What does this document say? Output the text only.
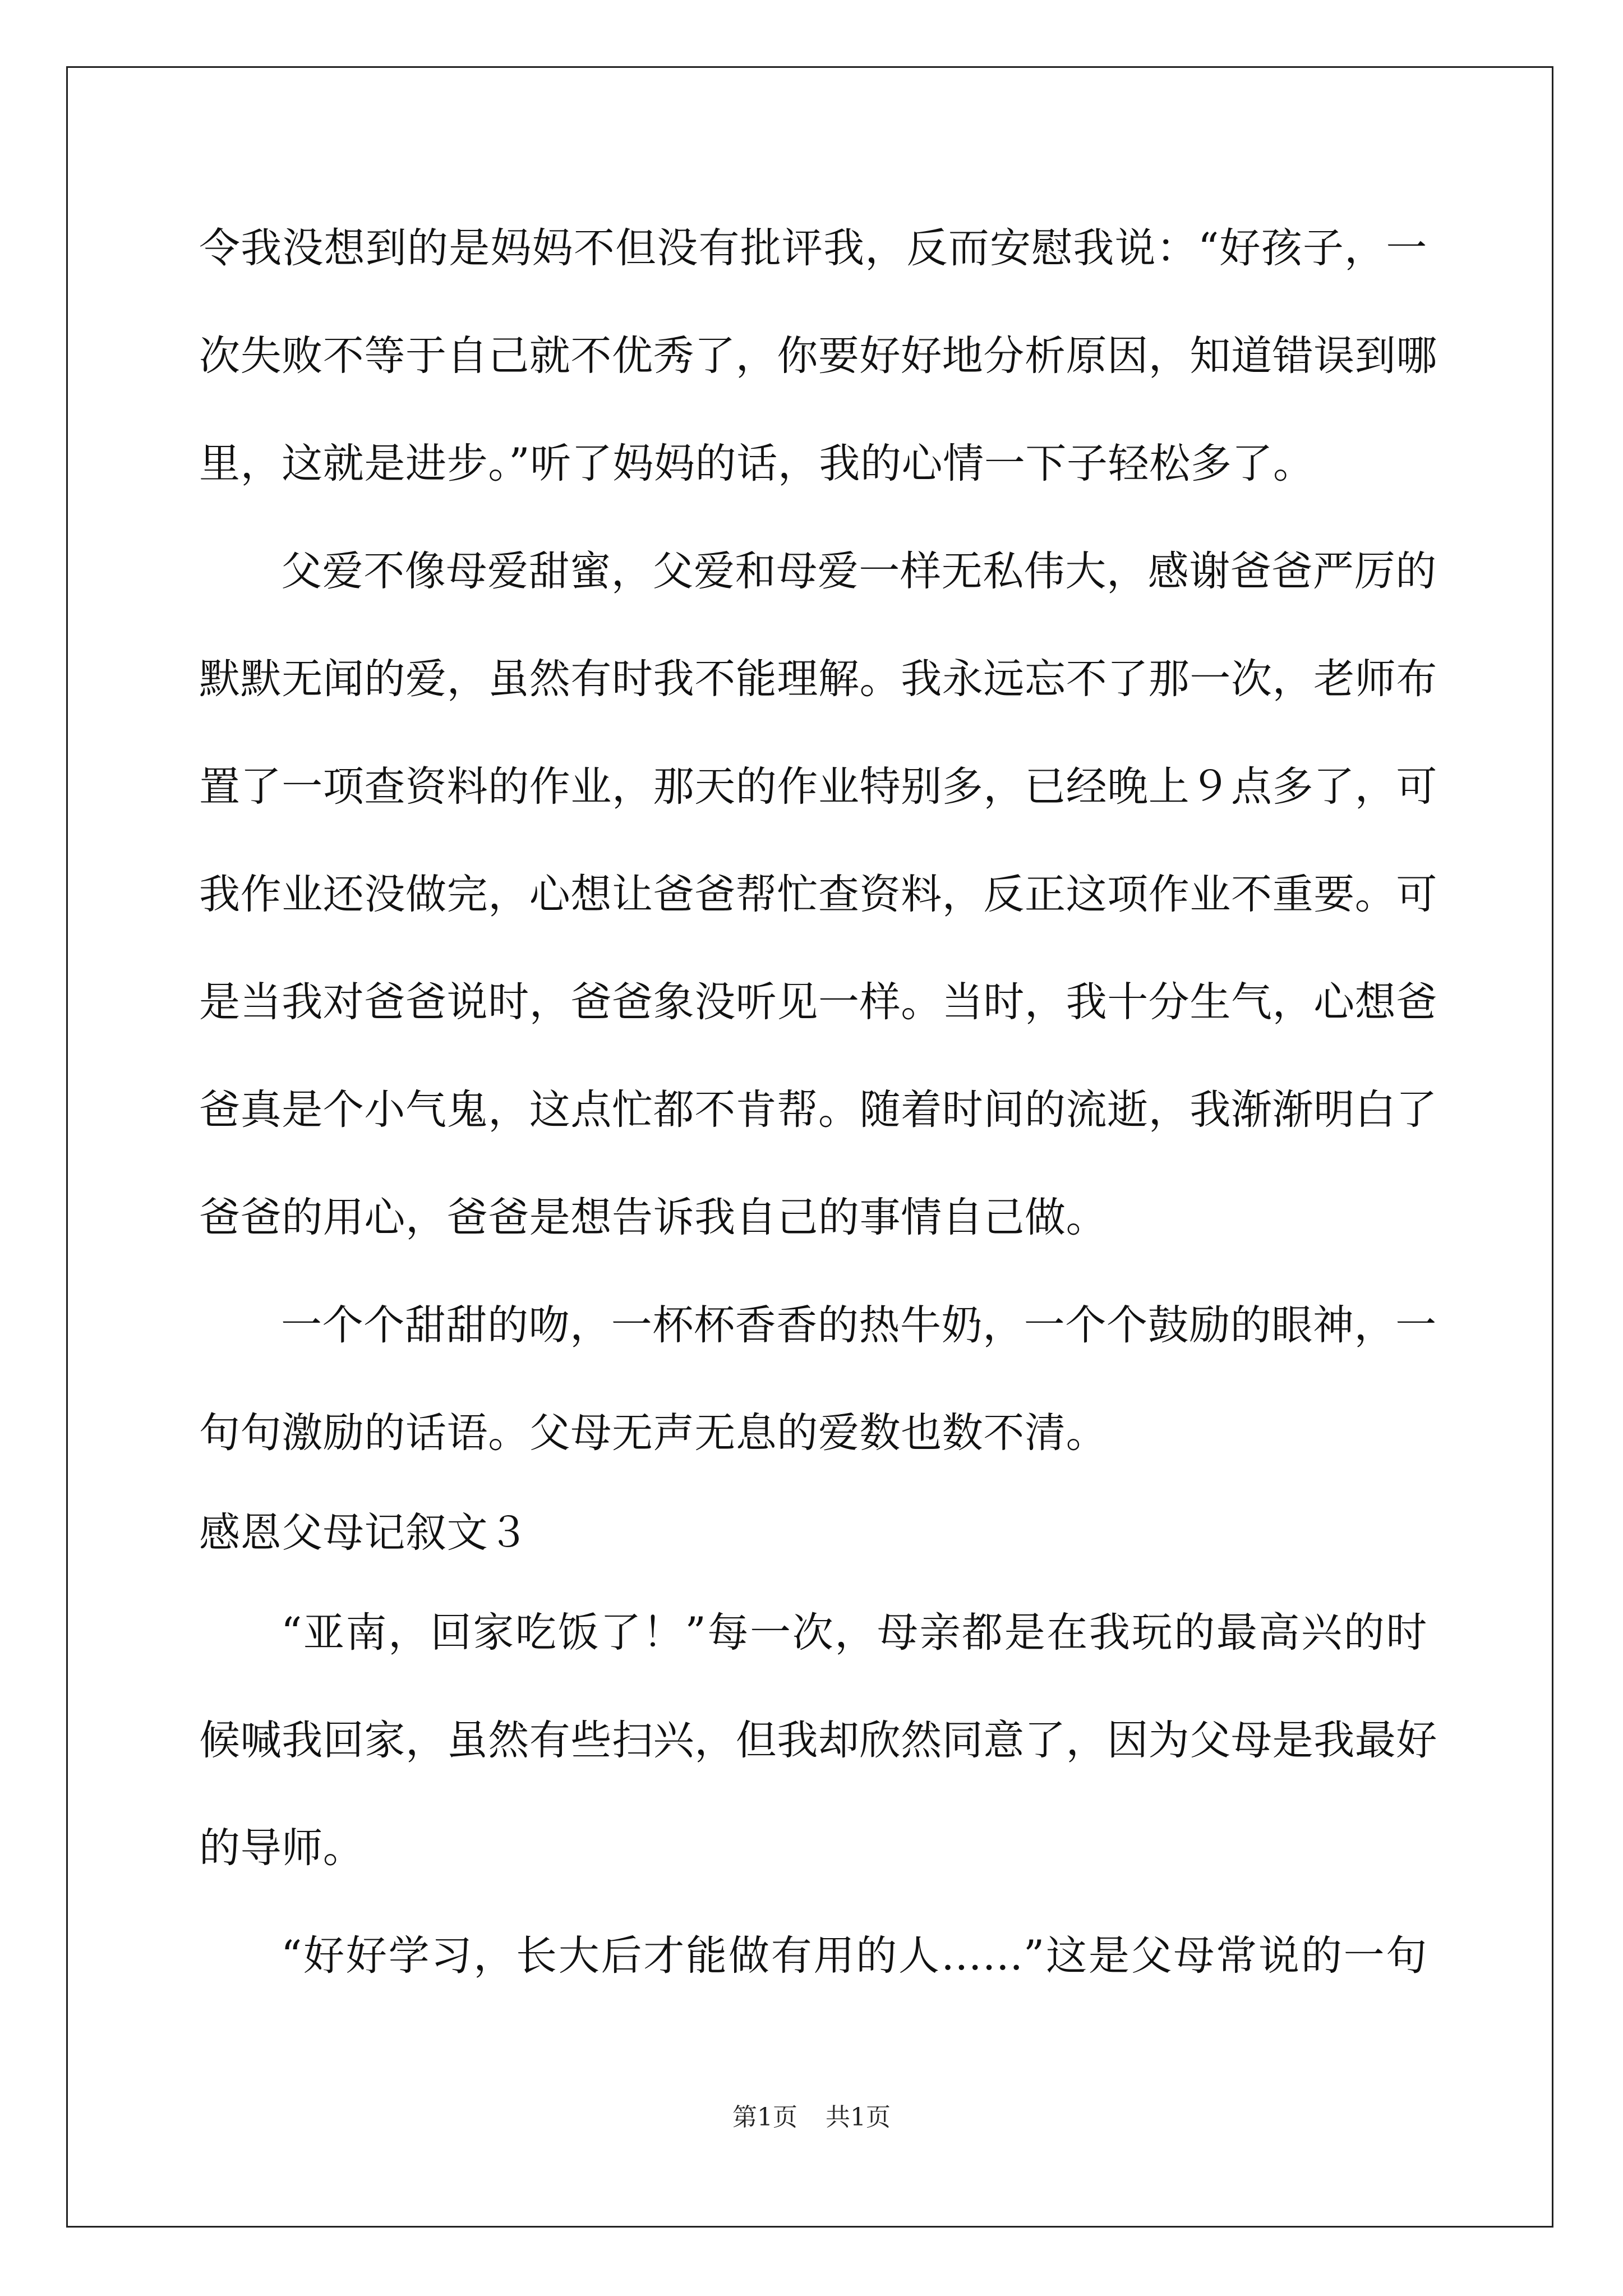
令我没想到的是妈妈不但没有批评我，反而安慰我说：“好孩子，一
次失败不等于自己就不优秀了，你要好好地分析原因，知道错误到哪
里，这就是进步。”听了妈妈的话，我的心情一下子轻松多了。
父爱不像母爱甜蜜，父爱和母爱一样无私伟大，感谢爸爸严厉的
默默无闻的爱，虽然有时我不能理解。我永远忘不了那一次，老师布
置了一项查资料的作业，那天的作业特别多，已经晚上９点多了，可
我作业还没做完，心想让爸爸帮忙查资料，反正这项作业不重要。可
是当我对爸爸说时，爸爸象没听见一样。当时，我十分生气，心想爸
爸真是个小气鬼，这点忙都不肯帮。随着时间的流逝，我渐渐明白了
爸爸的用心，爸爸是想告诉我自己的事情自己做。
一个个甜甜的吻，一杯杯香香的热牛奶，一个个鼓励的眼神，一
句句激励的话语。父母无声无息的爱数也数不清。
感恩父母记叙文３
“亚南，回家吃饭了！”每一次，母亲都是在我玩的最高兴的时
候喊我回家，虽然有些扫兴，但我却欣然同意了，因为父母是我最好
的导师。
“好好学习，长大后才能做有用的人……”这是父母常说的一句
第1页 共1页
